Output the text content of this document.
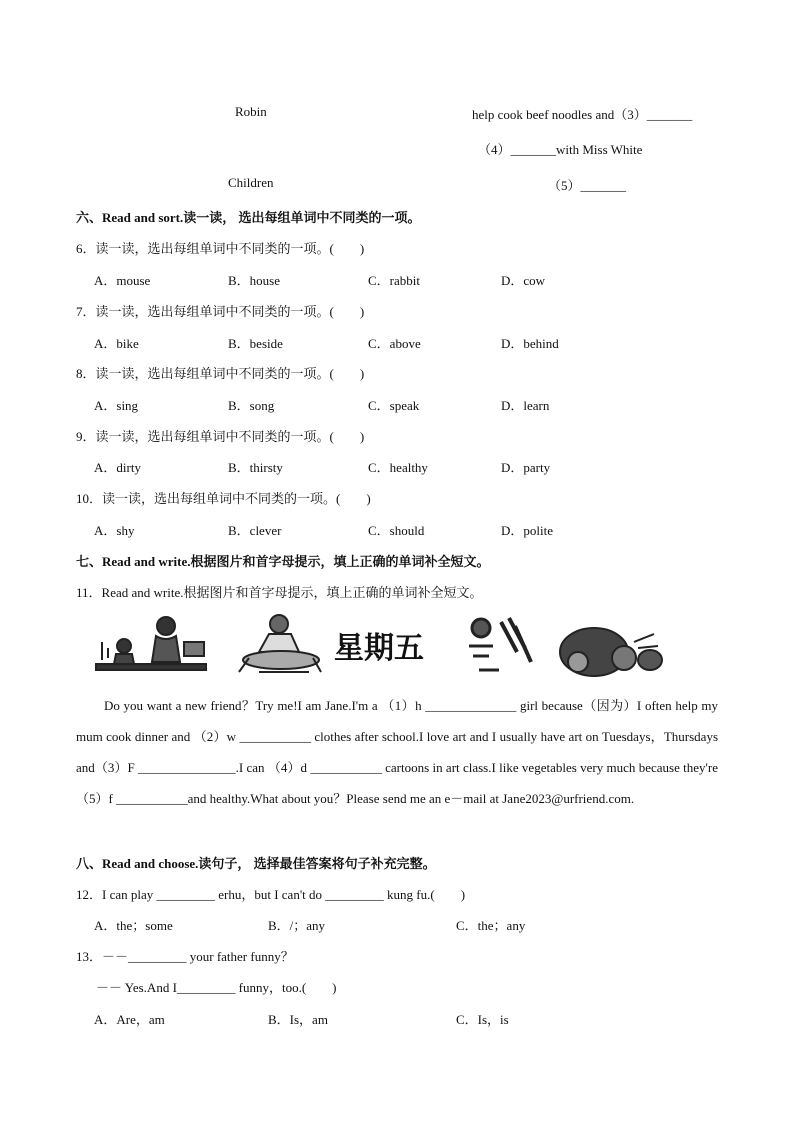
Robin	help cook beef noodles and（3）_______
（4）_______with Miss White
Children	（5）_______
六、Read and sort.读一读， 选出每组单词中不同类的一项。
6．读一读，选出每组单词中不同类的一项。(　　)
A．mouse	B．house	C．rabbit	D．cow
7．读一读，选出每组单词中不同类的一项。(　　)
A．bike	B．beside	C．above	D．behind
8．读一读，选出每组单词中不同类的一项。(　　)
A．sing	B．song	C．speak	D．learn
9．读一读，选出每组单词中不同类的一项。(　　)
A．dirty	B．thirsty	C．healthy	D．party
10．读一读，选出每组单词中不同类的一项。(　　)
A．shy	B．clever	C．should	D．polite
七、Read and write.根据图片和首字母提示，填上正确的单词补全短文。
11．Read and write.根据图片和首字母提示，填上正确的单词补全短文。
星期五
Do you want a new friend？Try me!I am Jane.I'm a （1）h ______________ girl because（因为）I often help my mum cook dinner and （2）w ___________ clothes after school.I love art and I usually have art on Tuesdays，Thursdays and（3）F _______________.I can （4）d ___________ cartoons in art class.I like vegetables very much because they're（5）f ___________and healthy.What about you？Please send me an e－mail at Jane2023@urfriend.com.
八、Read and choose.读句子， 选择最佳答案将句子补充完整。
12．I can play _________ erhu，but I can't do _________ kung fu.(　　)
A．the；some	B．/；any	C．the；any
13．－－_________ your father funny？
－－ Yes.And I_________ funny，too.(　　)
A．Are，am	B．Is，am	C．Is，is
